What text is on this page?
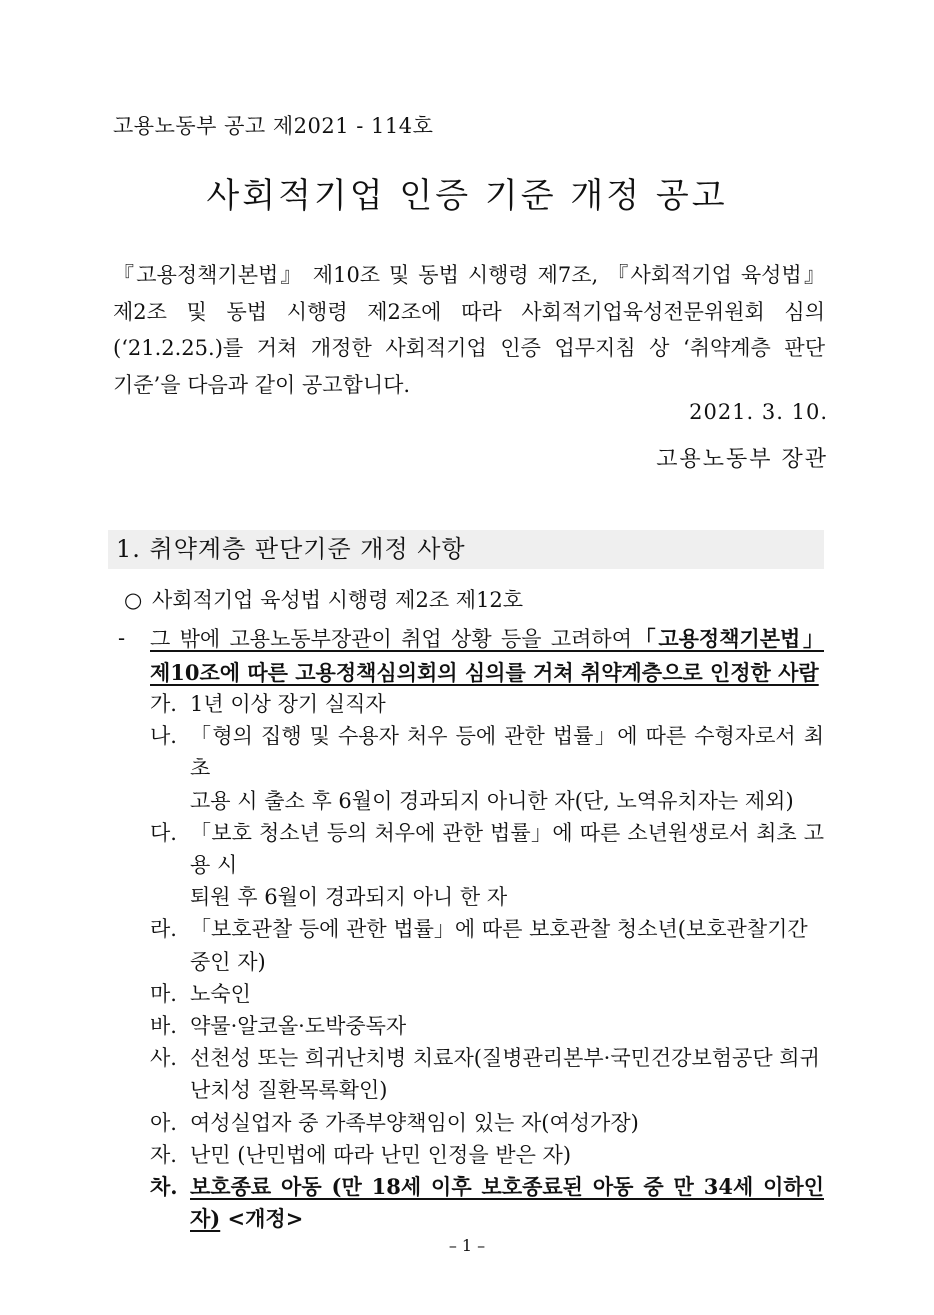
고용노동부 공고 제2021 - 114호
사회적기업 인증 기준 개정 공고

『고용정책기본법』 제10조 및 동법 시행령 제7조, 『사회적기업 육성법』

제2조 및 동법 시행령 제2조에 따라 사회적기업육성전문위원회 심의

(‘21.2.25.)를 거쳐 개정한 사회적기업 인증 업무지침 상 ‘취약계층 판단

기준’을 다음과 같이 공고합니다.

2021. 3. 10.
고용노동부 장관
1. 취약계층 판단기준 개정 사항
○ 사회적기업 육성법 시행령 제2조 제12호
- 그 밖에 고용노동부장관이 취업 상황 등을 고려하여「고용정책기본법」
제10조에 따른 고용정책심의회의 심의를 거쳐 취약계층으로 인정한 사람
가. 1년 이상 장기 실직자
나. 「형의 집행 및 수용자 처우 등에 관한 법률」에 따른 수형자로서 최초
고용 시 출소 후 6월이 경과되지 아니한 자(단, 노역유치자는 제외)
다. 「보호 청소년 등의 처우에 관한 법률」에 따른 소년원생로서 최초 고용 시
퇴원 후 6월이 경과되지 아니 한 자
라. 「보호관찰 등에 관한 법률」에 따른 보호관찰 청소년(보호관찰기간
중인 자)
마. 노숙인
바. 약물·알코올·도박중독자
사. 선천성 또는 희귀난치병 치료자(질병관리본부·국민건강보험공단 희귀
난치성 질환목록확인)
아. 여성실업자 중 가족부양책임이 있는 자(여성가장)
자. 난민 (난민법에 따라 난민 인정을 받은 자)
차. 보호종료 아동 (만 18세 이후 보호종료된 아동 중 만 34세 이하인 자) <개정>
– 1 –
